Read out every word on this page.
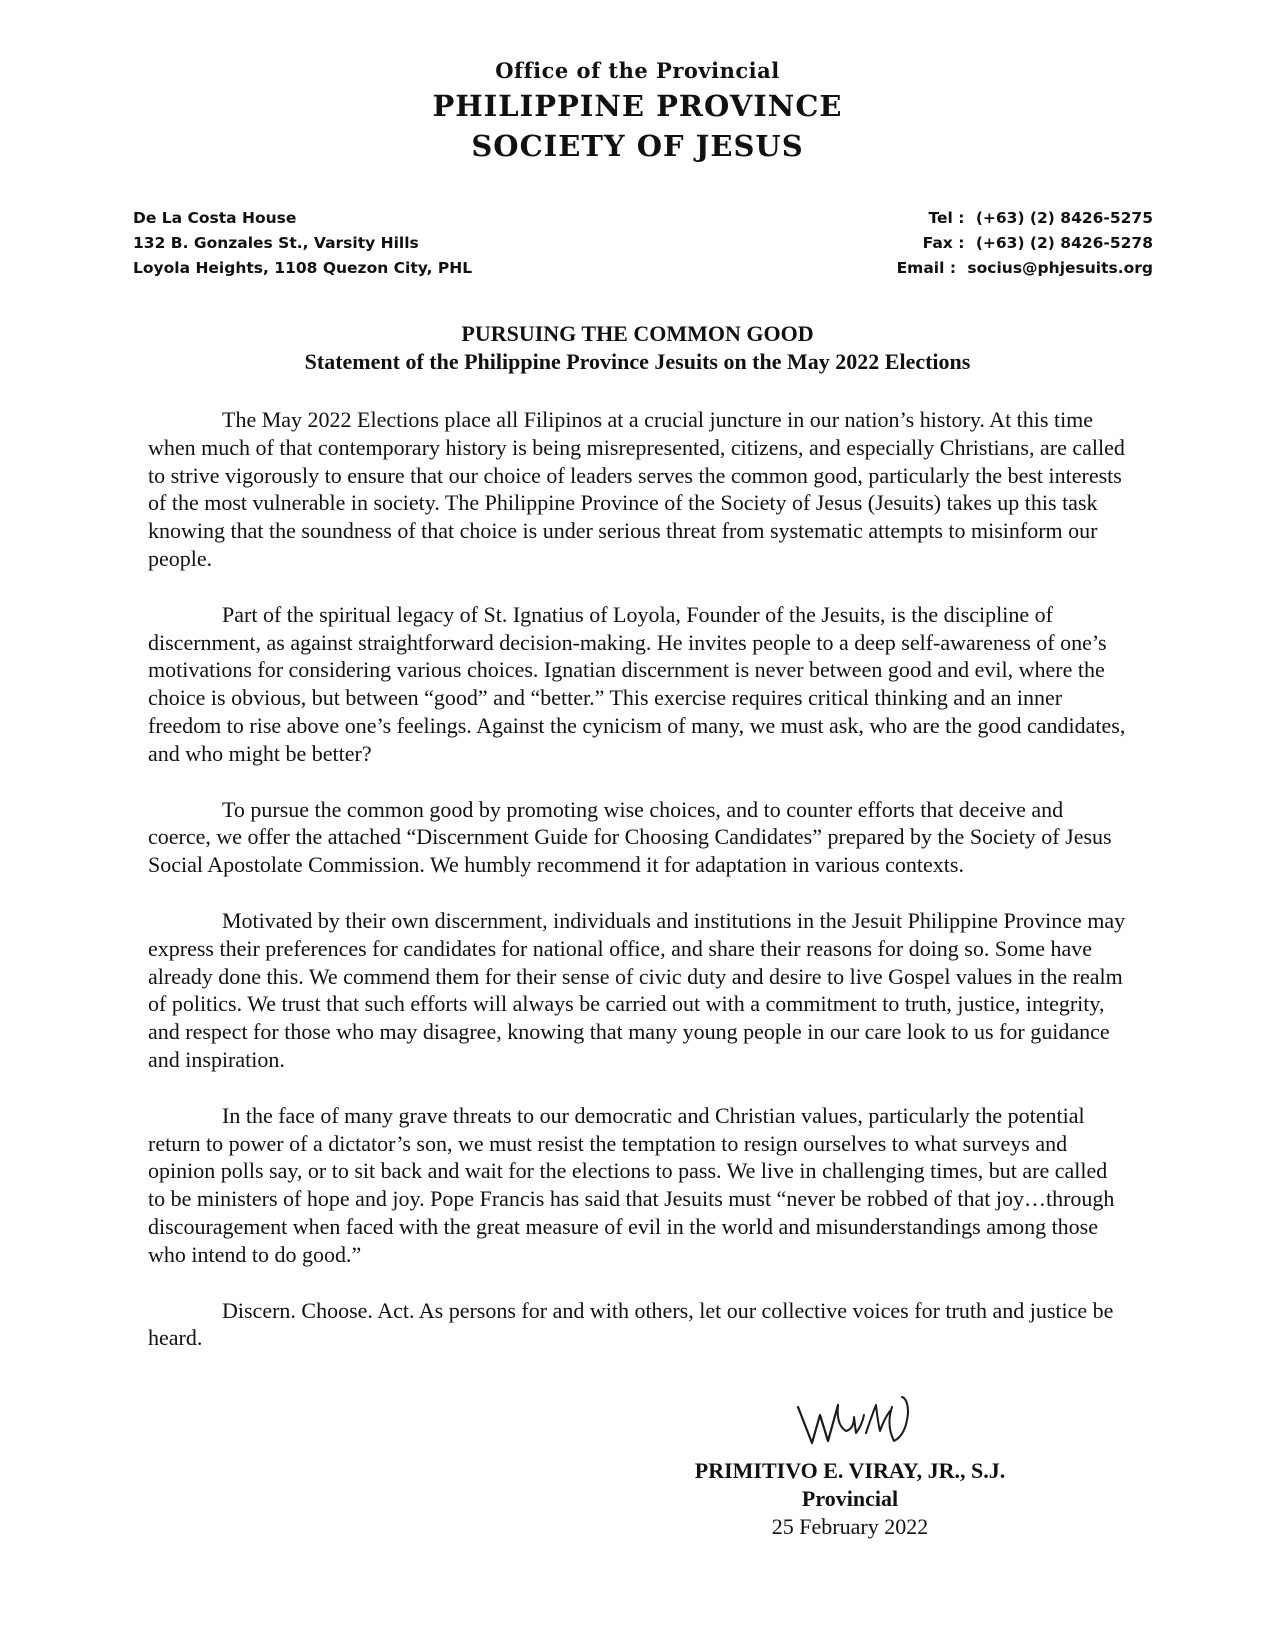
Office of the Provincial
PHILIPPINE PROVINCE
SOCIETY OF JESUS
De La Costa House
132 B. Gonzales St., Varsity Hills
Loyola Heights, 1108 Quezon City, PHL
Tel : (+63) (2) 8426-5275
Fax : (+63) (2) 8426-5278
Email : socius@phjesuits.org
PURSUING THE COMMON GOOD
Statement of the Philippine Province Jesuits on the May 2022 Elections

The May 2022 Elections place all Filipinos at a crucial juncture in our nation’s history. At this time when much of that contemporary history is being misrepresented, citizens, and especially Christians, are called to strive vigorously to ensure that our choice of leaders serves the common good, particularly the best interests of the most vulnerable in society. The Philippine Province of the Society of Jesus (Jesuits) takes up this task knowing that the soundness of that choice is under serious threat from systematic attempts to misinform our people.

Part of the spiritual legacy of St. Ignatius of Loyola, Founder of the Jesuits, is the discipline of discernment, as against straightforward decision-making. He invites people to a deep self-awareness of one’s motivations for considering various choices. Ignatian discernment is never between good and evil, where the choice is obvious, but between “good” and “better.” This exercise requires critical thinking and an inner freedom to rise above one’s feelings. Against the cynicism of many, we must ask, who are the good candidates, and who might be better?

To pursue the common good by promoting wise choices, and to counter efforts that deceive and coerce, we offer the attached “Discernment Guide for Choosing Candidates” prepared by the Society of Jesus Social Apostolate Commission. We humbly recommend it for adaptation in various contexts.

Motivated by their own discernment, individuals and institutions in the Jesuit Philippine Province may express their preferences for candidates for national office, and share their reasons for doing so. Some have already done this. We commend them for their sense of civic duty and desire to live Gospel values in the realm of politics. We trust that such efforts will always be carried out with a commitment to truth, justice, integrity, and respect for those who may disagree, knowing that many young people in our care look to us for guidance and inspiration.

In the face of many grave threats to our democratic and Christian values, particularly the potential return to power of a dictator’s son, we must resist the temptation to resign ourselves to what surveys and opinion polls say, or to sit back and wait for the elections to pass. We live in challenging times, but are called to be ministers of hope and joy. Pope Francis has said that Jesuits must “never be robbed of that joy…through discouragement when faced with the great measure of evil in the world and misunderstandings among those who intend to do good.”

Discern. Choose. Act. As persons for and with others, let our collective voices for truth and justice be heard.

PRIMITIVO E. VIRAY, JR., S.J.
Provincial
25 February 2022
